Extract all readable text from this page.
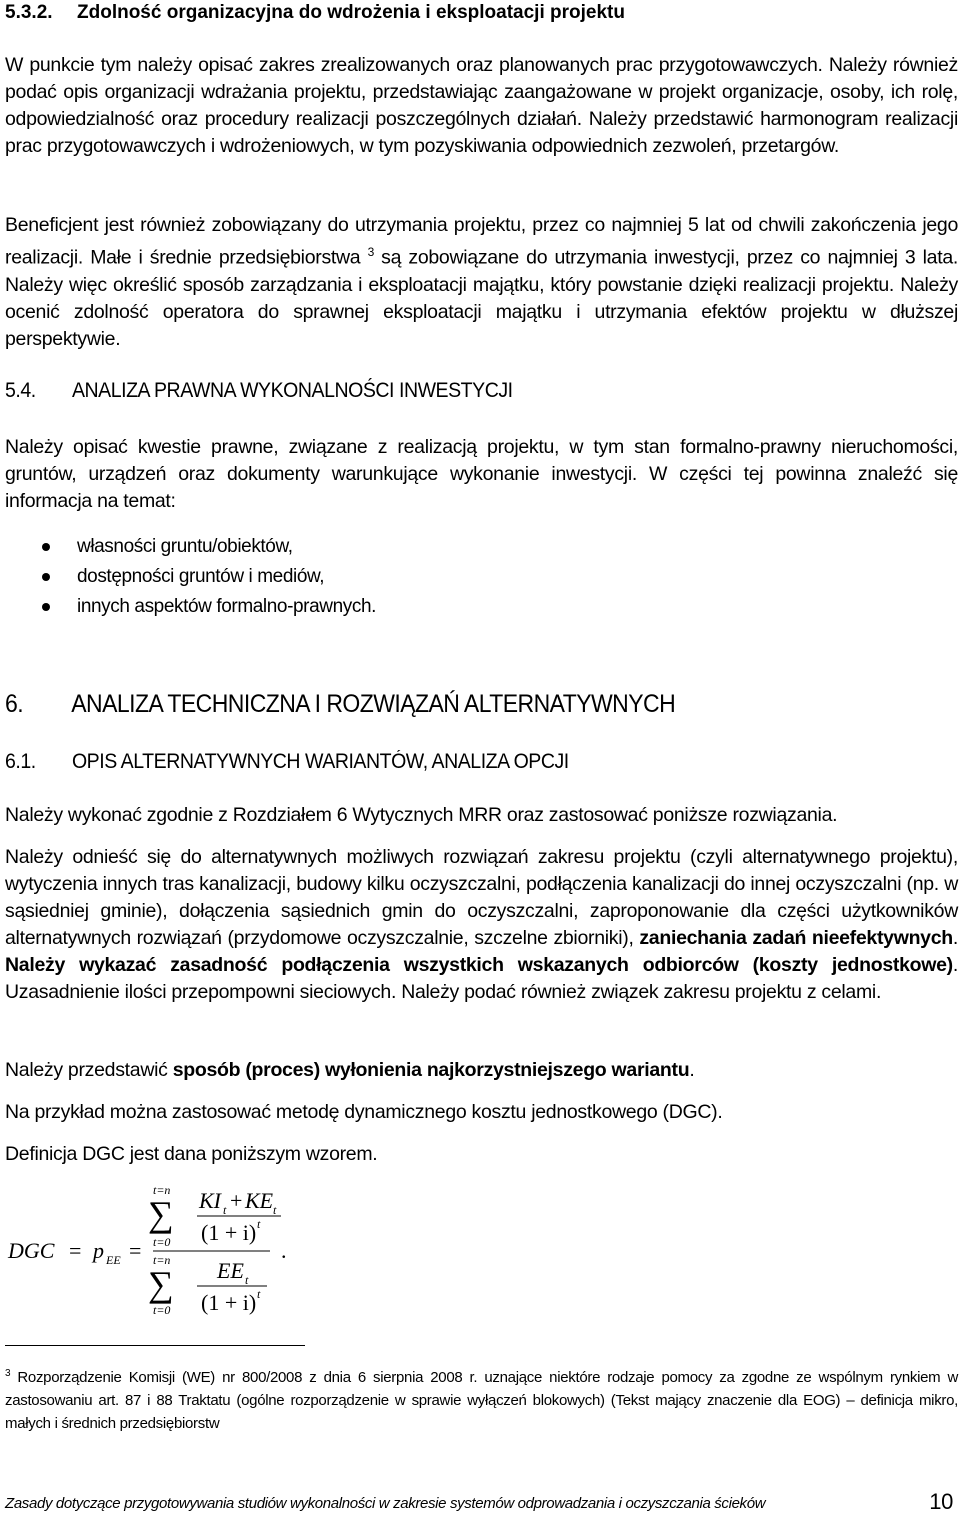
5.3.2. Zdolność organizacyjna do wdrożenia i eksploatacji projektu
W punkcie tym należy opisać zakres zrealizowanych oraz planowanych prac przygotowawczych. Należy również podać opis organizacji wdrażania projektu, przedstawiając zaangażowane w projekt organizacje, osoby, ich rolę, odpowiedzialność oraz procedury realizacji poszczególnych działań. Należy przedstawić harmonogram realizacji prac przygotowawczych i wdrożeniowych, w tym pozyskiwania odpowiednich zezwoleń, przetargów.
Beneficjent jest również zobowiązany do utrzymania projektu, przez co najmniej 5 lat od chwili zakończenia jego realizacji. Małe i średnie przedsiębiorstwa $^3$ są zobowiązane do utrzymania inwestycji, przez co najmniej 3 lata. Należy więc określić sposób zarządzania i eksploatacji majątku, który powstanie dzięki realizacji projektu. Należy ocenić zdolność operatora do sprawnej eksploatacji majątku i utrzymania efektów projektu w dłuższej perspektywie.
5.4. ANALIZA PRAWNA WYKONALNOŚCI INWESTYCJI
Należy opisać kwestie prawne, związane z realizacją projektu, w tym stan formalno-prawny nieruchomości, gruntów, urządzeń oraz dokumenty warunkujące wykonanie inwestycji. W części tej powinna znaleźć się informacja na temat:
własności gruntu/obiektów,
dostępności gruntów i mediów,
innych aspektów formalno-prawnych.
6. ANALIZA TECHNICZNA I ROZWIĄZAŃ ALTERNATYWNYCH
6.1. OPIS ALTERNATYWNYCH WARIANTÓW, ANALIZA OPCJI
Należy wykonać zgodnie z Rozdziałem 6 Wytycznych MRR oraz zastosować poniższe rozwiązania.
Należy odnieść się do alternatywnych możliwych rozwiązań zakresu projektu (czyli alternatywnego projektu), wytyczenia innych tras kanalizacji, budowy kilku oczyszczalni, podłączenia kanalizacji do innej oczyszczalni (np. w sąsiedniej gminie), dołączenia sąsiednich gmin do oczyszczalni, zaproponowanie dla części użytkowników alternatywnych rozwiązań (przydomowe oczyszczalnie, szczelne zbiorniki), zaniechania zadań nieefektywnych. Należy wykazać zasadność podłączenia wszystkich wskazanych odbiorców (koszty jednostkowe). Uzasadnienie ilości przepompowni sieciowych. Należy podać również związek zakresu projektu z celami.
Należy przedstawić sposób (proces) wyłonienia najkorzystniejszego wariantu.
Na przykład można zastosować metodę dynamicznego kosztu jednostkowego (DGC).
Definicja DGC jest dana poniższym wzorem.
DGC = p EE =
t=n
∑
t=0
KI t + KE t
(1 + i) t
t=n
∑
t=0
EE t
(1 + i) t
.
$^3$ Rozporządzenie Komisji (WE) nr 800/2008 z dnia 6 sierpnia 2008 r. uznające niektóre rodzaje pomocy za zgodne ze wspólnym rynkiem w zastosowaniu art. 87 i 88 Traktatu (ogólne rozporządzenie w sprawie wyłączeń blokowych) (Tekst mający znaczenie dla EOG) – definicja mikro, małych i średnich przedsiębiorstw
Zasady dotyczące przygotowywania studiów wykonalności w zakresie systemów odprowadzania i oczyszczania ścieków	10
